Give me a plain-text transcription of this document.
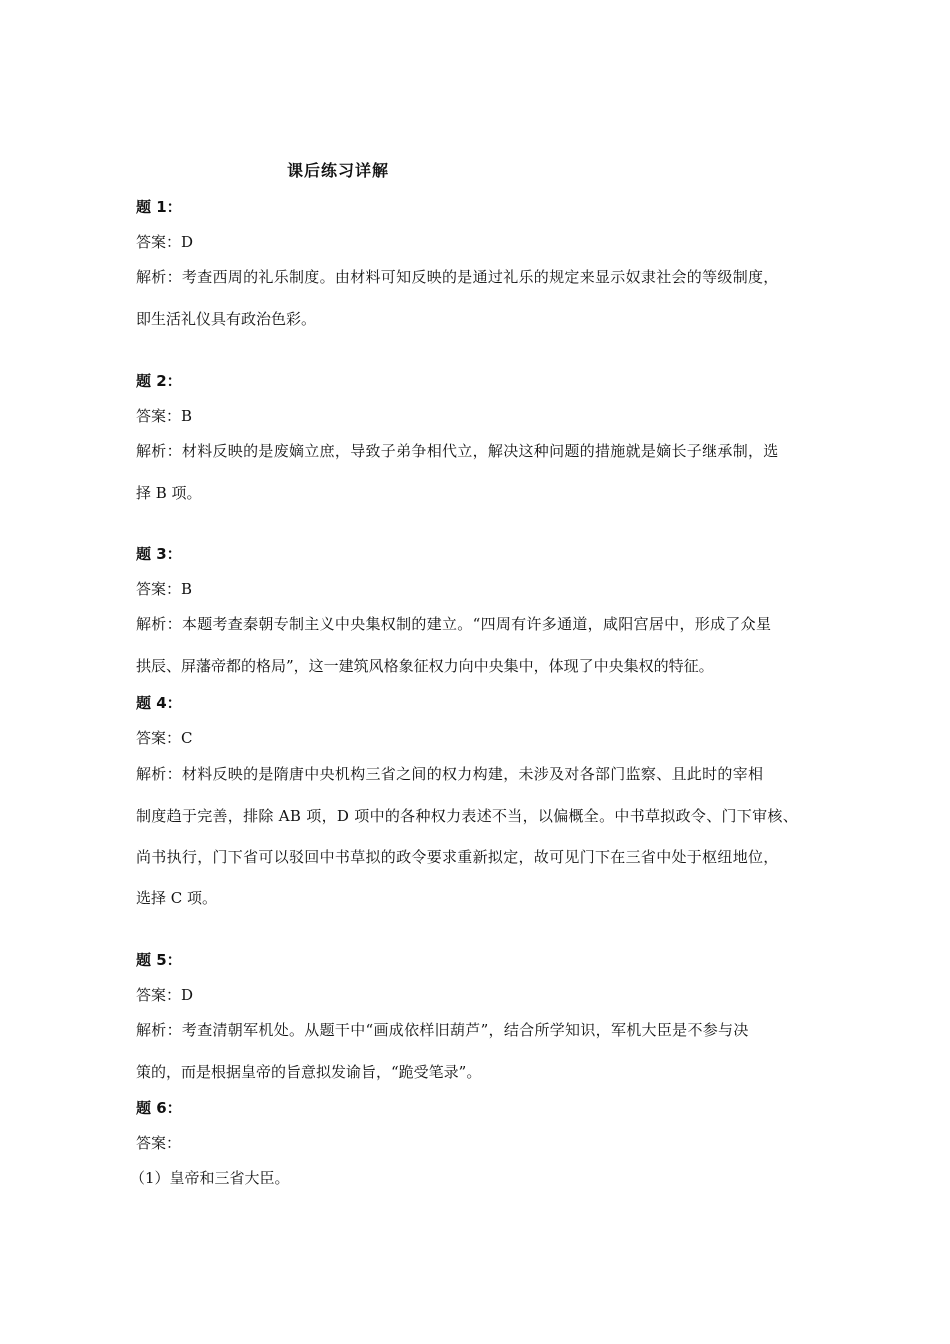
课后练习详解
题 1：
答案：D
解析：考查西周的礼乐制度。由材料可知反映的是通过礼乐的规定来显示奴隶社会的等级制度，
即生活礼仪具有政治色彩。
题 2：
答案：B
解析：材料反映的是废嫡立庶，导致子弟争相代立，解决这种问题的措施就是嫡长子继承制，选
择 B 项。
题 3：
答案：B
解析：本题考查秦朝专制主义中央集权制的建立。“四周有许多通道，咸阳宫居中，形成了众星
拱辰、屏藩帝都的格局”，这一建筑风格象征权力向中央集中，体现了中央集权的特征。
题 4：
答案：C
解析：材料反映的是隋唐中央机构三省之间的权力构建，未涉及对各部门监察、且此时的宰相
制度趋于完善，排除 AB 项，D 项中的各种权力表述不当，以偏概全。中书草拟政令、门下审核、
尚书执行，门下省可以驳回中书草拟的政令要求重新拟定，故可见门下在三省中处于枢纽地位，
选择 C 项。
题 5：
答案：D
解析：考查清朝军机处。从题干中“画成依样旧葫芦”，结合所学知识，军机大臣是不参与决
策的，而是根据皇帝的旨意拟发谕旨，“跪受笔录”。
题 6：
答案：
（1）皇帝和三省大臣。
